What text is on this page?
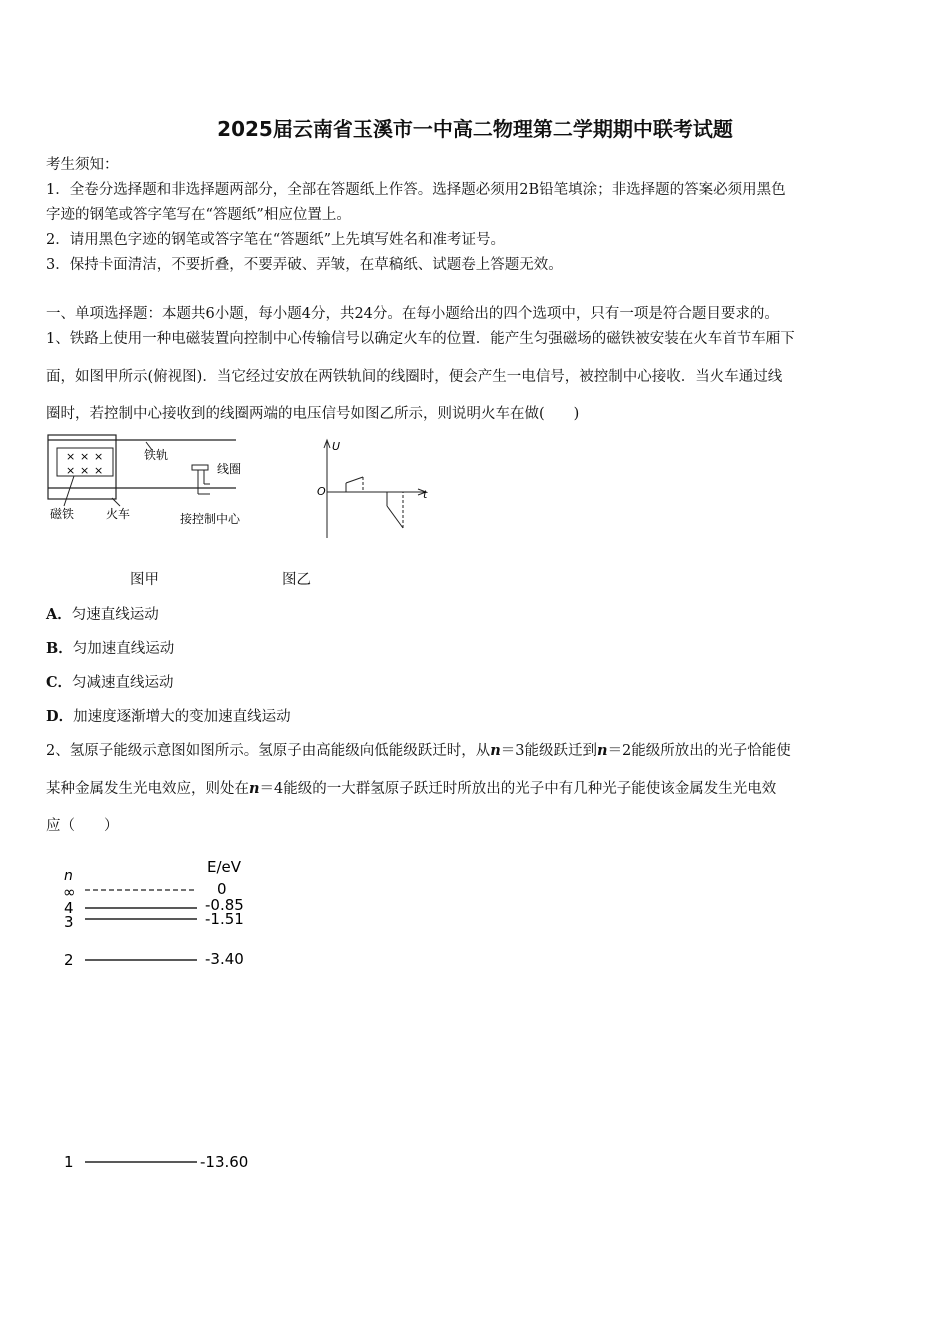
2025届云南省玉溪市一中高二物理第二学期期中联考试题
考生须知：
1．全卷分选择题和非选择题两部分，全部在答题纸上作答。选择题必须用2B铅笔填涂；非选择题的答案必须用黑色
字迹的钢笔或答字笔写在“答题纸”相应位置上。
2．请用黑色字迹的钢笔或答字笔在“答题纸”上先填写姓名和准考证号。
3．保持卡面清洁，不要折叠，不要弄破、弄皱，在草稿纸、试题卷上答题无效。
一、单项选择题：本题共6小题，每小题4分，共24分。在每小题给出的四个选项中，只有一项是符合题目要求的。
1、铁路上使用一种电磁装置向控制中心传输信号以确定火车的位置．能产生匀强磁场的磁铁被安装在火车首节车厢下
面，如图甲所示(俯视图)．当它经过安放在两铁轨间的线圈时，便会产生一电信号，被控制中心接收．当火车通过线
圈时，若控制中心接收到的线圈两端的电压信号如图乙所示，则说明火车在做(　　)
× × ×
× × ×
铁轨
线圈
磁铁	火车	接控制中心
U
O	t
图甲	图乙
A．匀速直线运动
B．匀加速直线运动
C．匀减速直线运动
D．加速度逐渐增大的变加速直线运动
2、氢原子能级示意图如图所示。氢原子由高能级向低能级跃迁时，从n＝3能级跃迁到n＝2能级所放出的光子恰能使
某种金属发生光电效应，则处在n＝4能级的一大群氢原子跃迁时所放出的光子中有几种光子能使该金属发生光电效
应（　　）
n	E/eV
∞	0
4	-0.85
3	-1.51
2	-3.40
1	-13.60
